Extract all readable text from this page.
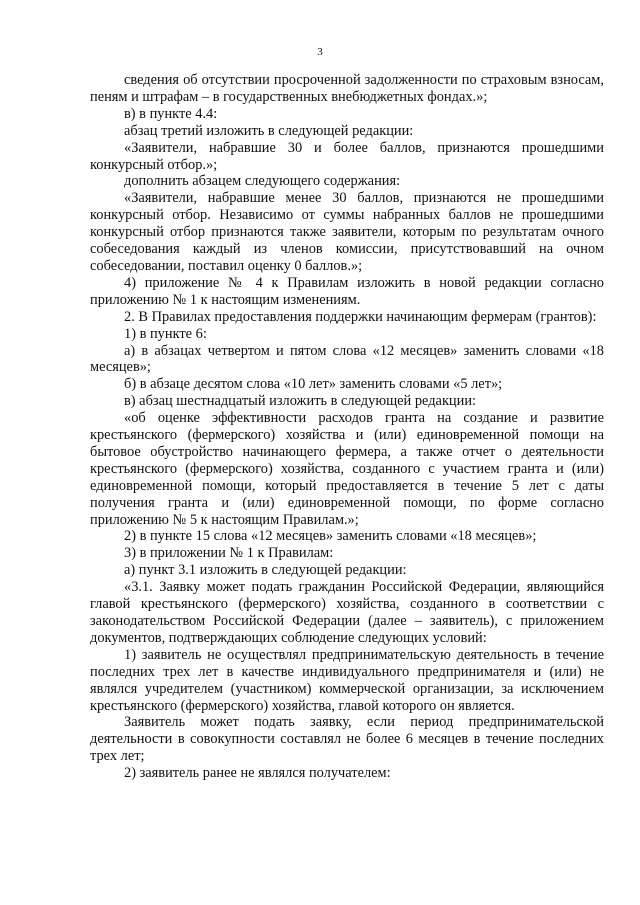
3

сведения об отсутствии просроченной задолженности по страховым взносам, пеням и штрафам – в государственных внебюджетных фондах.»;

в) в пункте 4.4:

абзац третий изложить в следующей редакции:

«Заявители, набравшие 30 и более баллов, признаются прошедшими конкурсный отбор.»;

дополнить абзацем следующего содержания:

«Заявители, набравшие менее 30 баллов, признаются не прошедшими конкурсный отбор. Независимо от суммы набранных баллов не прошедшими конкурсный отбор признаются также заявители, которым по результатам очного собеседования каждый из членов комиссии, присутствовавший на очном собеседовании, поставил оценку 0 баллов.»;

4) приложение № 4 к Правилам изложить в новой редакции согласно приложению № 1 к настоящим изменениям.

2. В Правилах предоставления поддержки начинающим фермерам (грантов):

1) в пункте 6:

а) в абзацах четвертом и пятом слова «12 месяцев» заменить словами «18 месяцев»;

б) в абзаце десятом слова «10 лет» заменить словами «5 лет»;

в) абзац шестнадцатый изложить в следующей редакции:

«об оценке эффективности расходов гранта на создание и развитие крестьянского (фермерского) хозяйства и (или) единовременной помощи на бытовое обустройство начинающего фермера, а также отчет о деятельности крестьянского (фермерского) хозяйства, созданного с участием гранта и (или) единовременной помощи, который предоставляется в течение 5 лет с даты получения гранта и (или) единовременной помощи, по форме согласно приложению № 5 к настоящим Правилам.»;

2) в пункте 15 слова «12 месяцев» заменить словами «18 месяцев»;

3) в приложении № 1 к Правилам:

а) пункт 3.1 изложить в следующей редакции:

«3.1. Заявку может подать гражданин Российской Федерации, являющийся главой крестьянского (фермерского) хозяйства, созданного в соответствии с законодательством Российской Федерации (далее – заявитель), с приложением документов, подтверждающих соблюдение следующих условий:

1) заявитель не осуществлял предпринимательскую деятельность в течение последних трех лет в качестве индивидуального предпринимателя и (или) не являлся учредителем (участником) коммерческой организации, за исключением крестьянского (фермерского) хозяйства, главой которого он является.

Заявитель может подать заявку, если период предпринимательской деятельности в совокупности составлял не более 6 месяцев в течение последних трех лет;

2) заявитель ранее не являлся получателем:
